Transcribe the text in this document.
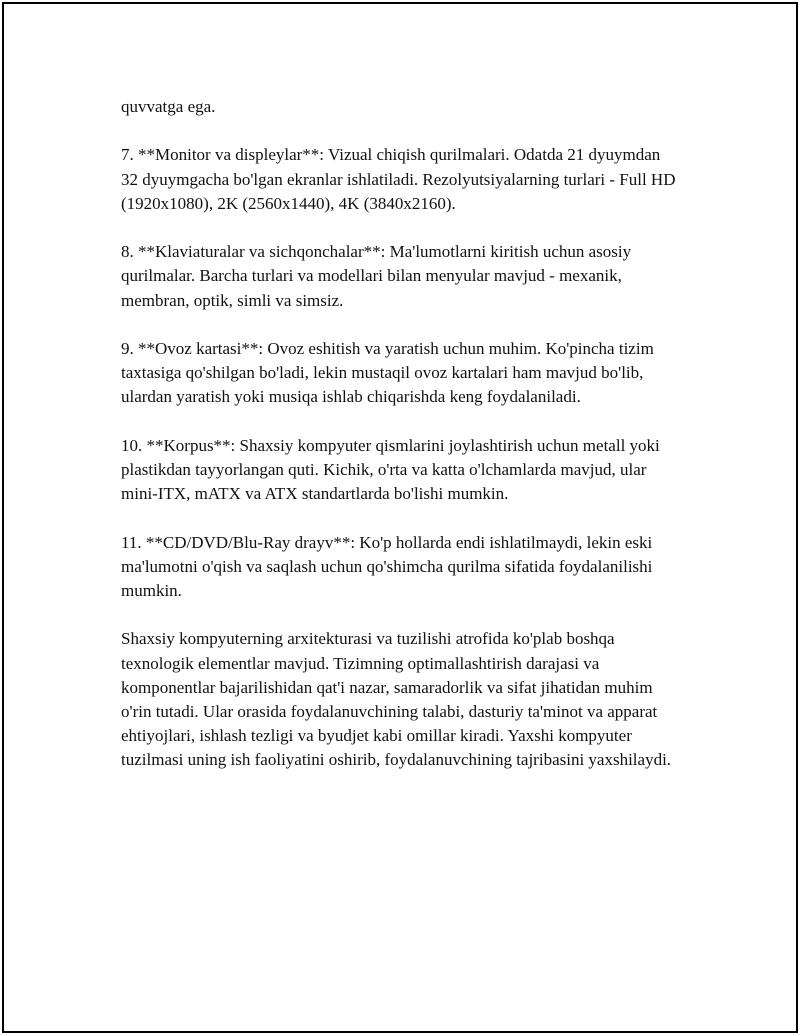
quvvatga ega.

7. **Monitor va displeylar**: Vizual chiqish qurilmalari. Odatda 21 dyuymdan 32 dyuymgacha bo'lgan ekranlar ishlatiladi. Rezolyutsiyalarning turlari - Full HD (1920x1080), 2K (2560x1440), 4K (3840x2160).

8. **Klaviaturalar va sichqonchalar**: Ma'lumotlarni kiritish uchun asosiy qurilmalar. Barcha turlari va modellari bilan menyular mavjud - mexanik, membran, optik, simli va simsiz.

9. **Ovoz kartasi**: Ovoz eshitish va yaratish uchun muhim. Ko'pincha tizim taxtasiga qo'shilgan bo'ladi, lekin mustaqil ovoz kartalari ham mavjud bo'lib, ulardan yaratish yoki musiqa ishlab chiqarishda keng foydalaniladi.

10. **Korpus**: Shaxsiy kompyuter qismlarini joylashtirish uchun metall yoki plastikdan tayyorlangan quti. Kichik, o'rta va katta o'lchamlarda mavjud, ular mini-ITX, mATX va ATX standartlarda bo'lishi mumkin.

11. **CD/DVD/Blu-Ray drayv**: Ko'p hollarda endi ishlatilmaydi, lekin eski ma'lumotni o'qish va saqlash uchun qo'shimcha qurilma sifatida foydalanilishi mumkin.

Shaxsiy kompyuterning arxitekturasi va tuzilishi atrofida ko'plab boshqa texnologik elementlar mavjud. Tizimning optimallashtirish darajasi va komponentlar bajarilishidan qat'i nazar, samaradorlik va sifat jihatidan muhim o'rin tutadi. Ular orasida foydalanuvchining talabi, dasturiy ta'minot va apparat ehtiyojlari, ishlash tezligi va byudjet kabi omillar kiradi. Yaxshi kompyuter tuzilmasi uning ish faoliyatini oshirib, foydalanuvchining tajribasini yaxshilaydi.
